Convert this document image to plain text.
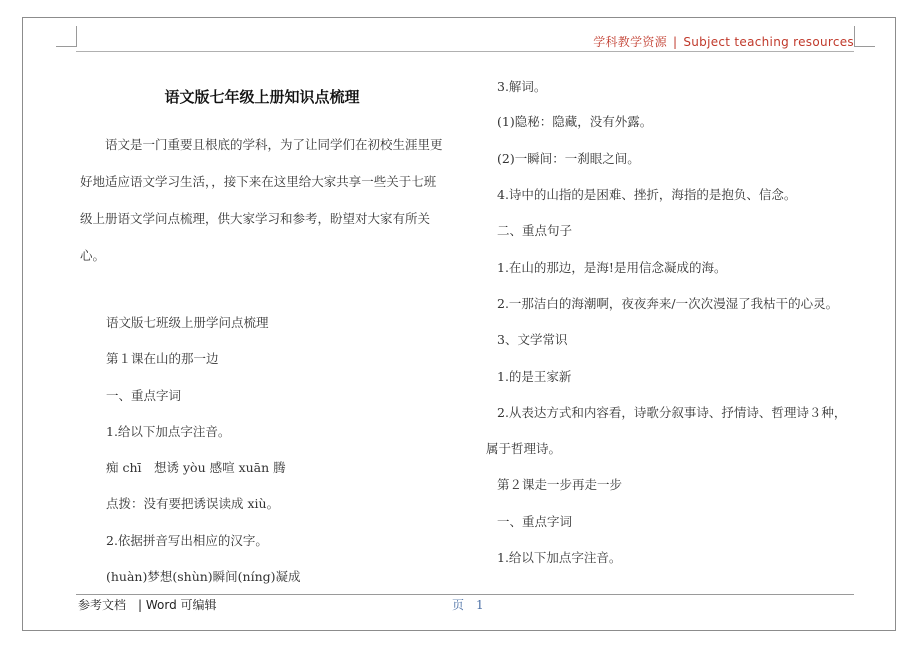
学科教学资源 | Subject teaching resources
语文版七年级上册知识点梳理
语文是一门重要且根底的学科，为了让同学们在初校生涯里更好地适应语文学习生活，，接下来在这里给大家共享一些关于七班级上册语文学问点梳理，供大家学习和参考，盼望对大家有所关心。
语文版七班级上册学问点梳理
第１课在山的那一边
一、重点字词
1.给以下加点字注音。
痴 chī　想诱 yòu 感喧 xuān 腾
点拨：没有要把诱误读成 xiù。
2.依据拼音写出相应的汉字。
(huàn)梦想(shùn)瞬间(níng)凝成
3.解词。
(1)隐秘：隐藏，没有外露。
(2)一瞬间：一刹眼之间。
4.诗中的山指的是困难、挫折，海指的是抱负、信念。
二、重点句子
1.在山的那边，是海!是用信念凝成的海。
2.一那洁白的海潮啊，夜夜奔来/一次次漫湿了我枯干的心灵。
3、文学常识
1.的是王家新
2.从表达方式和内容看，诗歌分叙事诗、抒情诗、哲理诗３种，
属于哲理诗。
第２课走一步再走一步
一、重点字词
1.给以下加点字注音。
参考文档　| Word 可编辑	页　1
